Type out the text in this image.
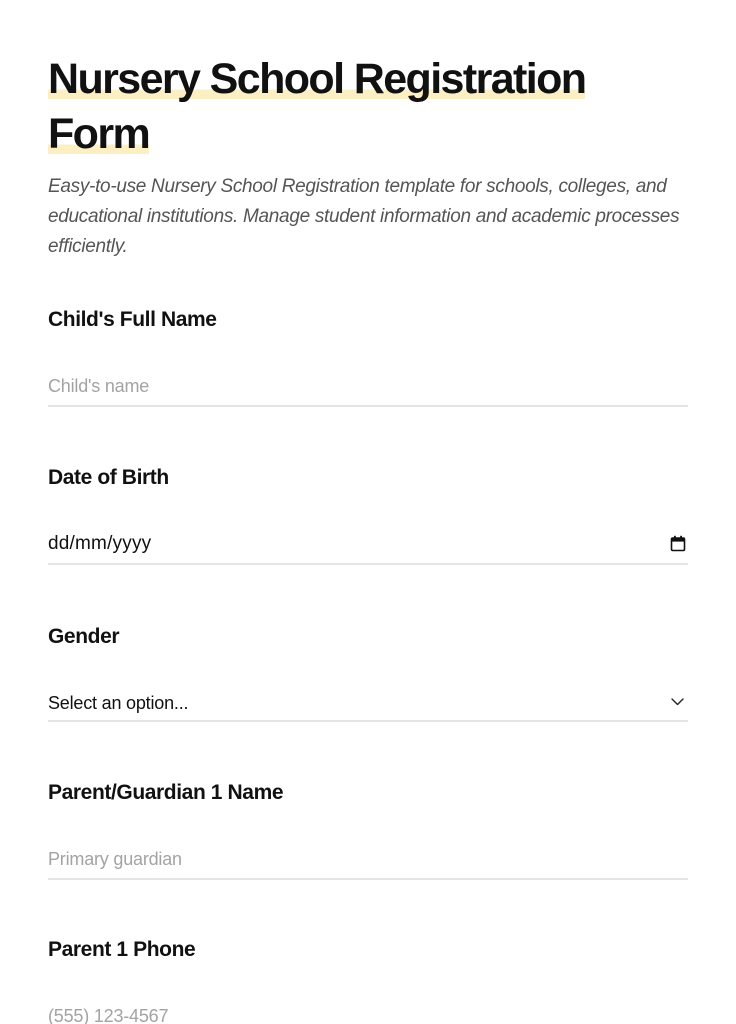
Nursery School Registration Form

Easy-to-use Nursery School Registration template for schools, colleges, and educational institutions. Manage student information and academic processes efficiently.

Child's Full Name
Child's name
Date of Birth
dd/mm/yyyy
Gender
Select an option...
Parent/Guardian 1 Name
Primary guardian
Parent 1 Phone
(555) 123-4567
